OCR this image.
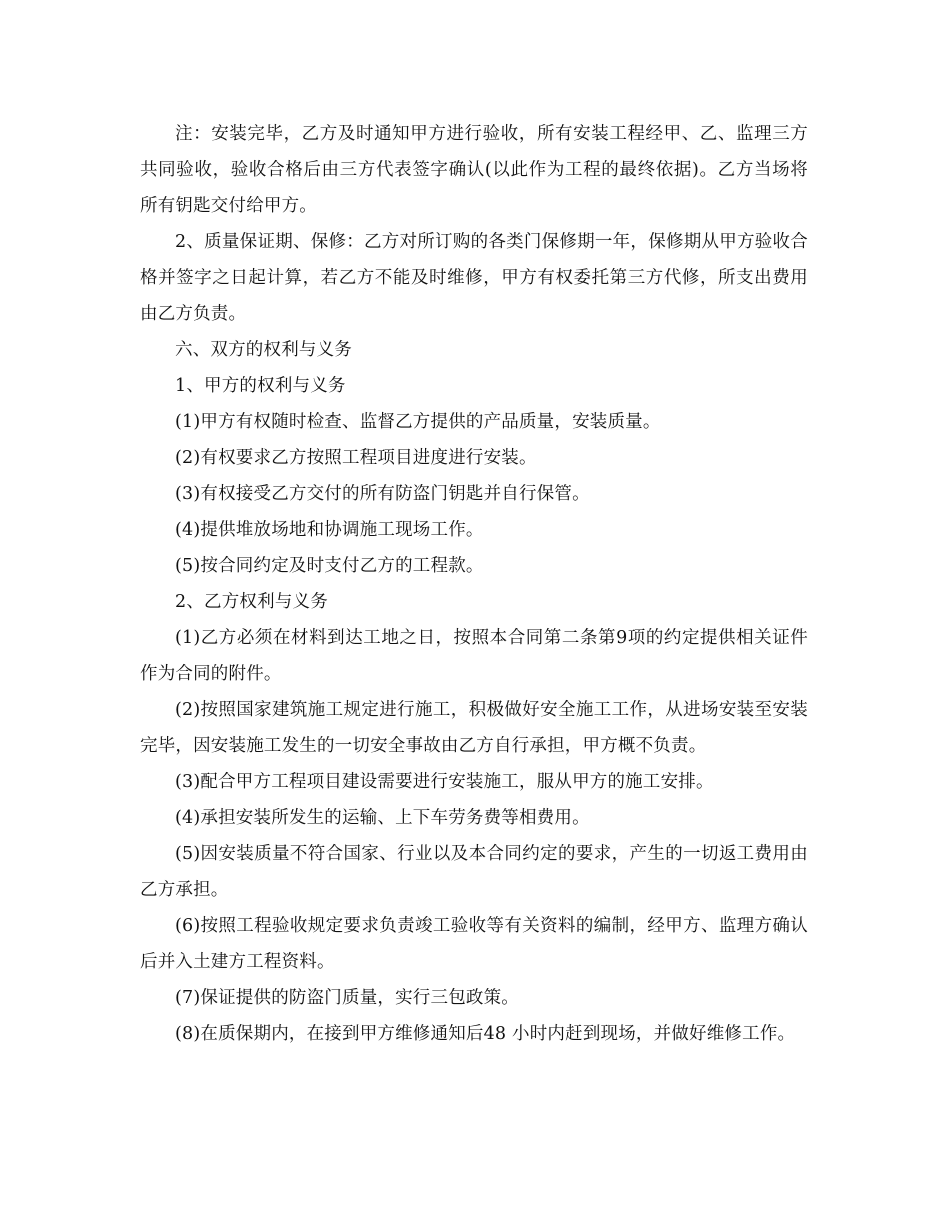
注：安装完毕，乙方及时通知甲方进行验收，所有安装工程经甲、乙、监理三方共同验收，验收合格后由三方代表签字确认(以此作为工程的最终依据)。乙方当场将所有钥匙交付给甲方。

2、质量保证期、保修：乙方对所订购的各类门保修期一年，保修期从甲方验收合格并签字之日起计算，若乙方不能及时维修，甲方有权委托第三方代修，所支出费用由乙方负责。

六、双方的权利与义务

1、甲方的权利与义务

(1)甲方有权随时检查、监督乙方提供的产品质量，安装质量。

(2)有权要求乙方按照工程项目进度进行安装。

(3)有权接受乙方交付的所有防盗门钥匙并自行保管。

(4)提供堆放场地和协调施工现场工作。

(5)按合同约定及时支付乙方的工程款。

2、乙方权利与义务

(1)乙方必须在材料到达工地之日，按照本合同第二条第9项的约定提供相关证件作为合同的附件。

(2)按照国家建筑施工规定进行施工，积极做好安全施工工作，从进场安装至安装完毕，因安装施工发生的一切安全事故由乙方自行承担，甲方概不负责。

(3)配合甲方工程项目建设需要进行安装施工，服从甲方的施工安排。

(4)承担安装所发生的运输、上下车劳务费等相费用。

(5)因安装质量不符合国家、行业以及本合同约定的要求，产生的一切返工费用由乙方承担。

(6)按照工程验收规定要求负责竣工验收等有关资料的编制，经甲方、监理方确认后并入土建方工程资料。

(7)保证提供的防盗门质量，实行三包政策。

(8)在质保期内，在接到甲方维修通知后48 小时内赶到现场，并做好维修工作。
